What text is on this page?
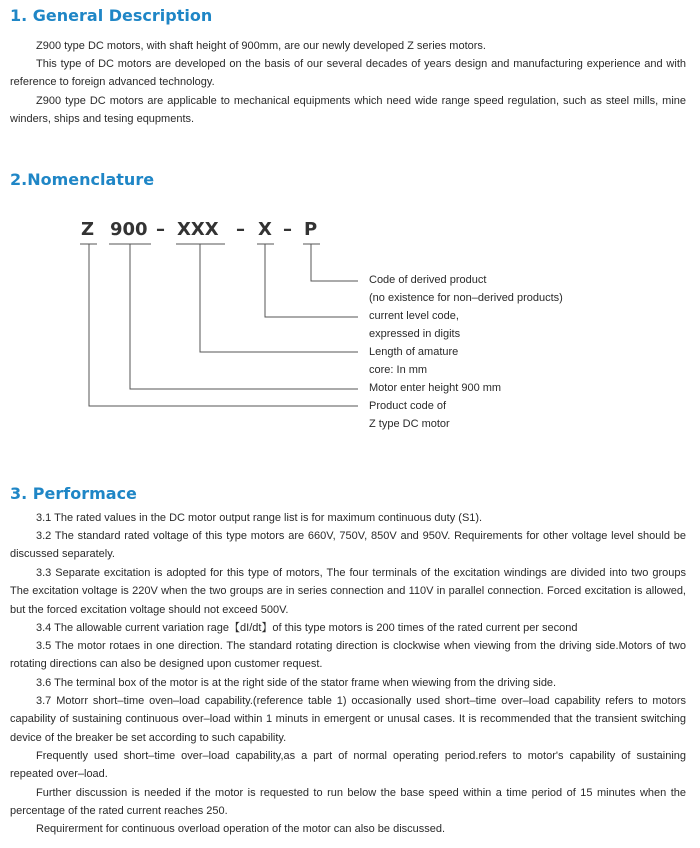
1. General Description

Z900 type DC motors, with shaft height of 900mm, are our newly developed Z series motors.

This type of DC motors are developed on the basis of our several decades of years design and manufacturing experience and with reference to foreign advanced technology.

Z900 type DC motors are applicable to mechanical equipments which need wide range speed regulation, such as steel mills, mine winders, ships and tesing equpments.

2.Nomenclature
Z 900 – XXX – X – P
Code of derived product
(no existence for non–derived products)
current level code,
expressed in digits
Length of amature
core: In mm
Motor enter height 900 mm
Product code of
Z type DC motor
3. Performace

3.1 The rated values in the DC motor output range list is for maximum continuous duty (S1).

3.2 The standard rated voltage of this type motors are 660V, 750V, 850V and 950V. Requirements for other voltage level should be discussed separately.

3.3 Separate excitation is adopted for this type of motors, The four terminals of the excitation windings are divided into two groups The excitation voltage is 220V when the two groups are in series connection and 110V in parallel connection. Forced excitation is allowed, but the forced excitation voltage should not exceed 500V.

3.4 The allowable current variation rage【dI/dt】of this type motors is 200 times of the rated current per second

3.5 The motor rotaes in one direction. The standard rotating direction is clockwise when viewing from the driving side.Motors of two rotating directions can also be designed upon customer request.

3.6 The terminal box of the motor is at the right side of the stator frame when wiewing from the driving side.

3.7 Motorr short–time oven–load capability.(reference table 1) occasionally used short–time over–load capability refers to motors capability of sustaining continuous over–load within 1 minuts in emergent or unusal cases. It is recommended that the transient switching device of the breaker be set according to such capability.

Frequently used short–time over–load capability,as a part of normal operating period.refers to motor's capability of sustaining repeated over–load.

Further discussion is needed if the motor is requested to run below the base speed within a time period of 15 minutes when the percentage of the rated current reaches 250.

Requirerment for continuous overload operation of the motor can also be discussed.
